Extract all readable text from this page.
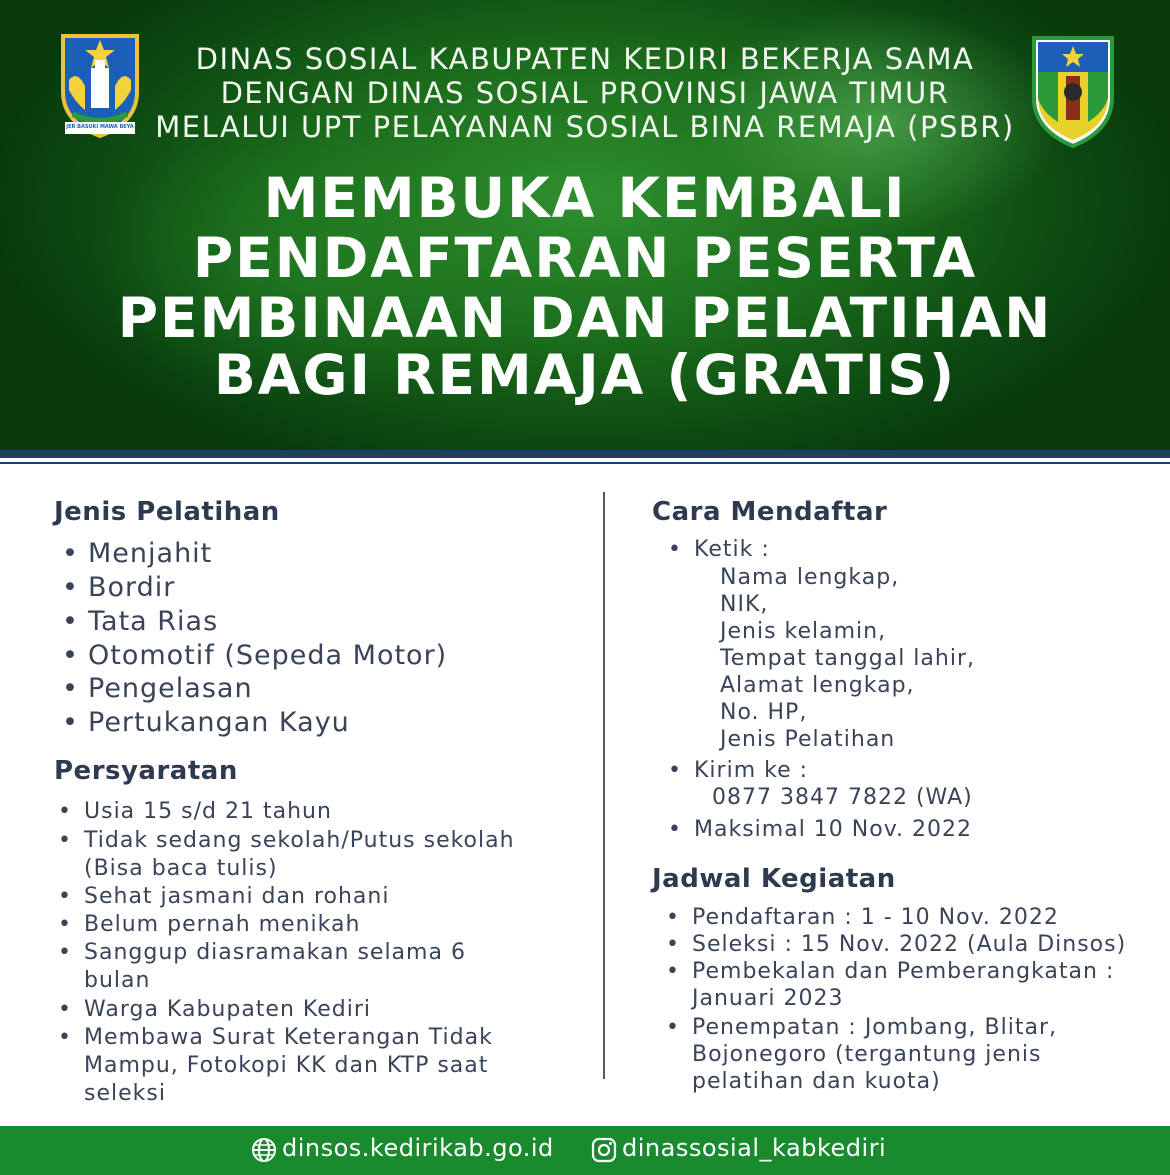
JER BASUKI MAWA BEYA
DINAS SOSIAL KABUPATEN KEDIRI BEKERJA SAMA
DENGAN DINAS SOSIAL PROVINSI JAWA TIMUR
MELALUI UPT PELAYANAN SOSIAL BINA REMAJA (PSBR)
MEMBUKA KEMBALI
PENDAFTARAN PESERTA
PEMBINAAN DAN PELATIHAN
BAGI REMAJA (GRATIS)
Jenis Pelatihan
• Menjahit
• Bordir
• Tata Rias
• Otomotif (Sepeda Motor)
• Pengelasan
• Pertukangan Kayu
Persyaratan
• Usia 15 s/d 21 tahun
• Tidak sedang sekolah/Putus sekolah
(Bisa baca tulis)
• Sehat jasmani dan rohani
• Belum pernah menikah
• Sanggup diasramakan selama 6
bulan
• Warga Kabupaten Kediri
• Membawa Surat Keterangan Tidak
Mampu, Fotokopi KK dan KTP saat
seleksi
Cara Mendaftar
• Ketik :
Nama lengkap,
NIK,
Jenis kelamin,
Tempat tanggal lahir,
Alamat lengkap,
No. HP,
Jenis Pelatihan
• Kirim ke :
0877 3847 7822 (WA)
• Maksimal 10 Nov. 2022
Jadwal Kegiatan
• Pendaftaran : 1 - 10 Nov. 2022
• Seleksi : 15 Nov. 2022 (Aula Dinsos)
• Pembekalan dan Pemberangkatan :
Januari 2023
• Penempatan : Jombang, Blitar,
Bojonegoro (tergantung jenis
pelatihan dan kuota)
dinsos.kedirikab.go.id	dinassosial_kabkediri
